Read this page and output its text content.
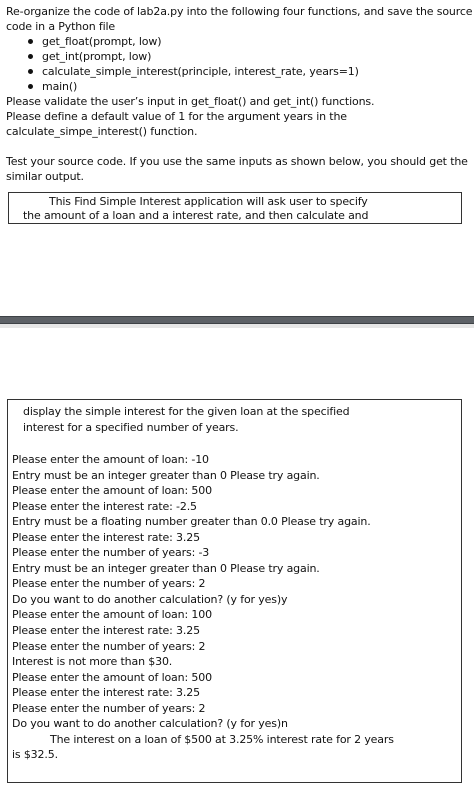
Re-organize the code of lab2a.py into the following four functions, and save the source
code in a Python file
get_float(prompt, low)
get_int(prompt, low)
calculate_simple_interest(principle, interest_rate, years=1)
main()
Please validate the user’s input in get_float() and get_int() functions.
Please define a default value of 1 for the argument years in the
calculate_simpe_interest() function.
Test your source code. If you use the same inputs as shown below, you should get the
similar output.
This Find Simple Interest application will ask user to specify
the amount of a loan and a interest rate, and then calculate and
display the simple interest for the given loan at the specified
interest for a specified number of years.
Please enter the amount of loan: -10
Entry must be an integer greater than 0 Please try again.
Please enter the amount of loan: 500
Please enter the interest rate: -2.5
Entry must be a floating number greater than 0.0 Please try again.
Please enter the interest rate: 3.25
Please enter the number of years: -3
Entry must be an integer greater than 0 Please try again.
Please enter the number of years: 2
Do you want to do another calculation? (y for yes)y
Please enter the amount of loan: 100
Please enter the interest rate: 3.25
Please enter the number of years: 2
Interest is not more than $30.
Please enter the amount of loan: 500
Please enter the interest rate: 3.25
Please enter the number of years: 2
Do you want to do another calculation? (y for yes)n
The interest on a loan of $500 at 3.25% interest rate for 2 years
is $32.5.
